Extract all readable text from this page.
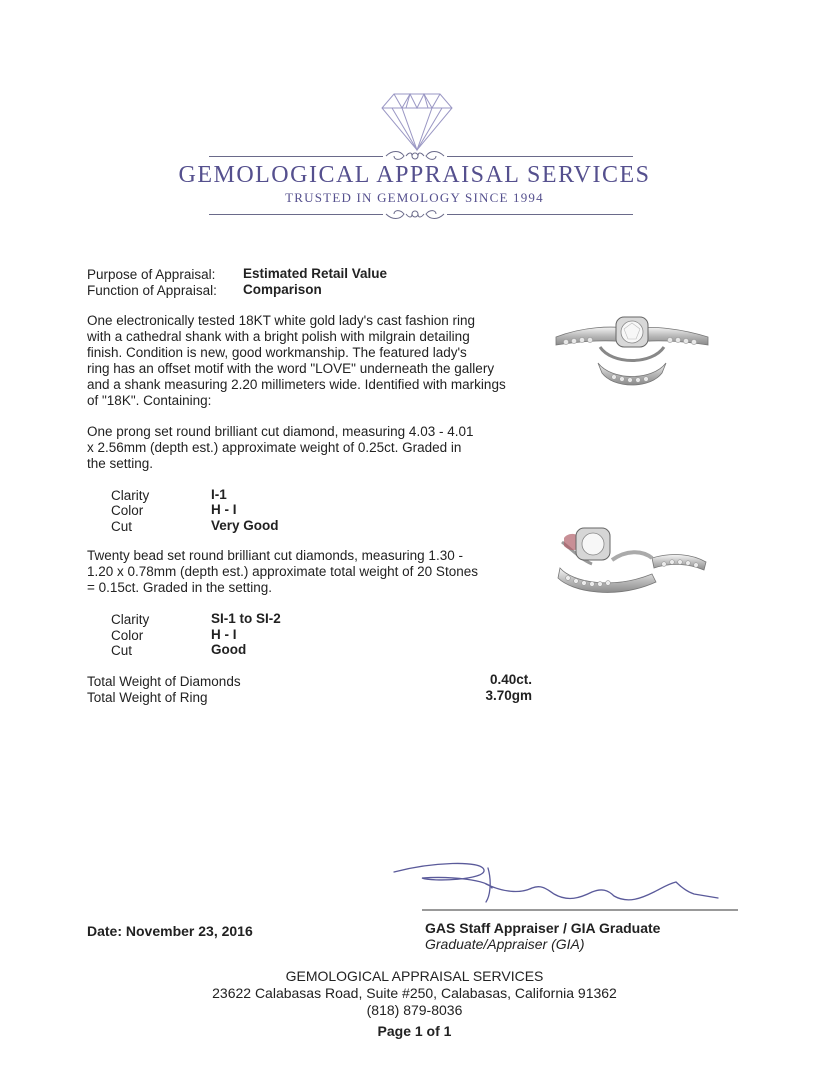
GEMOLOGICAL APPRAISAL SERVICES
TRUSTED IN GEMOLOGY SINCE 1994
Purpose of Appraisal:	Estimated Retail Value
Function of Appraisal:	Comparison
One electronically tested 18KT white gold lady's cast fashion ring
with a cathedral shank with a bright polish with milgrain detailing
finish. Condition is new, good workmanship. The featured lady's
ring has an offset motif with the word "LOVE" underneath the gallery
and a shank measuring 2.20 millimeters wide. Identified with markings
of "18K". Containing:
One prong set round brilliant cut diamond, measuring 4.03 - 4.01
x 2.56mm (depth est.) approximate weight of 0.25ct. Graded in
the setting.
Clarity	I-1
Color	H - I
Cut	Very Good
Twenty bead set round brilliant cut diamonds, measuring 1.30 -
1.20 x 0.78mm (depth est.) approximate total weight of 20 Stones
= 0.15ct. Graded in the setting.
Clarity	SI-1 to SI-2
Color	H - I
Cut	Good
Total Weight of Diamonds	0.40ct.
Total Weight of Ring	3.70gm
Date: November 23, 2016	GAS Staff Appraiser / GIA Graduate
Graduate/Appraiser (GIA)
GEMOLOGICAL APPRAISAL SERVICES
23622 Calabasas Road, Suite #250, Calabasas, California 91362
(818) 879-8036
Page 1 of 1
